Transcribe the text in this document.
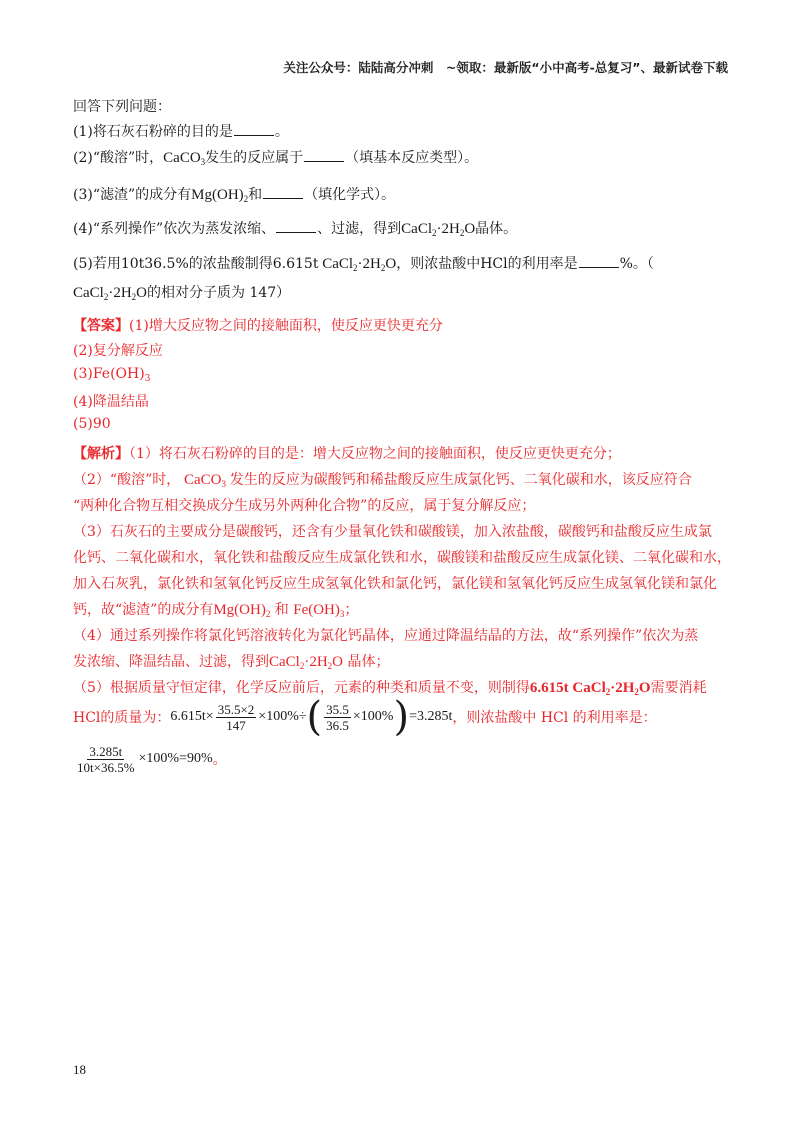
关注公众号：陆陆高分冲刺　~领取：最新版“小中高考-总复习”、最新试卷下载
回答下列问题：
(1)将石灰石粉碎的目的是	。
(2)“酸溶”时，CaCO$_3$发生的反应属于	（填基本反应类型）。
(3)“滤渣”的成分有$Mg(OH)_2$和	（填化学式）。
(4)“系列操作”依次为蒸发浓缩、	、过滤，得到$CaCl_2\cdot 2H_2O$晶体。
(5)若用10t36.5%的浓盐酸制得6.615t $CaCl_2\cdot 2H_2O$，则浓盐酸中HCl的利用率是	%。（
$CaCl_2\cdot 2H_2O$的相对分子质为 147）
【答案】(1)增大反应物之间的接触面积，使反应更快更充分
(2)复分解反应
$(3)Fe(OH)_3$
(4)降温结晶
(5)90
【解析】（1）将石灰石粉碎的目的是：增大反应物之间的接触面积，使反应更快更充分；
（2）“酸溶”时， CaCO$_3$ 发生的反应为碳酸钙和稀盐酸反应生成氯化钙、二氧化碳和水，该反应符合
“两种化合物互相交换成分生成另外两种化合物”的反应，属于复分解反应；
（3）石灰石的主要成分是碳酸钙，还含有少量氧化铁和碳酸镁，加入浓盐酸，碳酸钙和盐酸反应生成氯
化钙、二氧化碳和水，氧化铁和盐酸反应生成氯化铁和水，碳酸镁和盐酸反应生成氯化镁、二氧化碳和水，
加入石灰乳，氯化铁和氢氧化钙反应生成氢氧化铁和氯化钙，氯化镁和氢氧化钙反应生成氢氧化镁和氯化
钙，故“滤渣”的成分有$Mg(OH)_2$ 和 $Fe(OH)_3$；
（4）通过系列操作将氯化钙溶液转化为氯化钙晶体，应通过降温结晶的方法，故“系列操作”依次为蒸
发浓缩、降温结晶、过滤，得到$CaCl_2\cdot 2H_2O$ 晶体；
（5）根据质量守恒定律，化学反应前后，元素的种类和质量不变，则制得6.615t $CaCl_2\cdot 2H_2O$需要消耗
HCl的质量为： $6.615t\times \frac{35.5\times 2}{147} \times 100\%\div$ ( $\frac{35.5}{36.5} \times 100\%$ ) =3.285t ，则浓盐酸中 HCl 的利用率是：
$\frac{3.285t}{10t\times 36.5\%} \times 100\%=90\%$ 。
18
